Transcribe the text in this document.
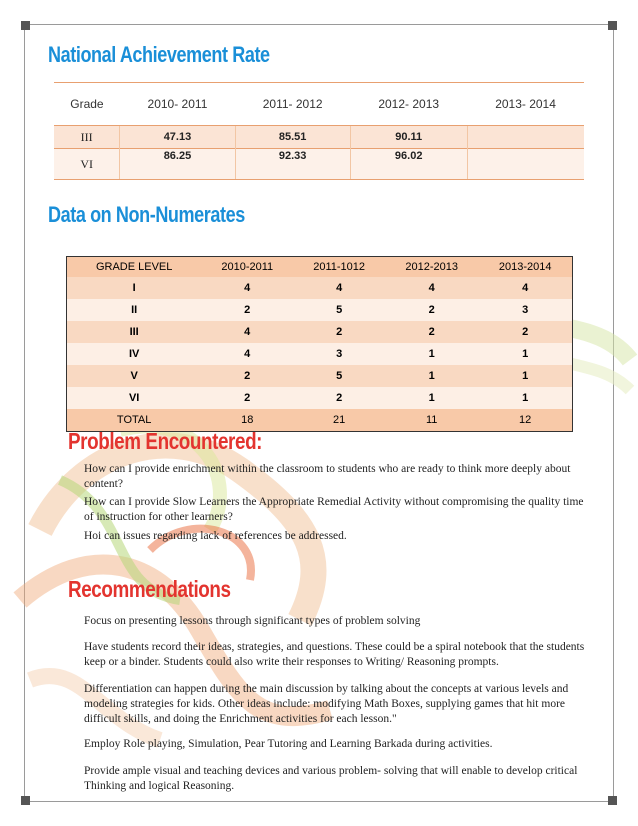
National Achievement Rate
Grade	2010- 2011	2011- 2012	2012- 2013	2013- 2014
III	47.13	85.51	90.11	
VI	86.25	92.33	96.02	
Data on Non-Numerates
GRADE LEVEL	2010-2011	2011-1012	2012-2013	2013-2014
I	4	4	4	4
II	2	5	2	3
III	4	2	2	2
IV	4	3	1	1
V	2	5	1	1
VI	2	2	1	1
TOTAL	18	21	11	12
Problem Encountered:

How can I provide enrichment within the classroom to students who are ready to think more deeply about content?

How can I provide Slow Learners the Appropriate Remedial Activity without compromising the quality time of instruction for other learners?

Hoi can issues regarding lack of references be addressed.

Recommendations

Focus on presenting lessons through significant types of problem solving

Have students record their ideas, strategies, and questions. These could be a spiral notebook that the students keep or a binder. Students could also write their responses to Writing/ Reasoning prompts.

Differentiation can happen during the main discussion by talking about the concepts at various levels and modeling strategies for kids. Other ideas include: modifying Math Boxes, supplying games that hit more difficult skills, and doing the Enrichment activities for each lesson."

Employ Role playing, Simulation, Pear Tutoring and Learning Barkada during activities.

Provide ample visual and teaching devices and various problem- solving that will enable to develop critical Thinking and logical Reasoning.
